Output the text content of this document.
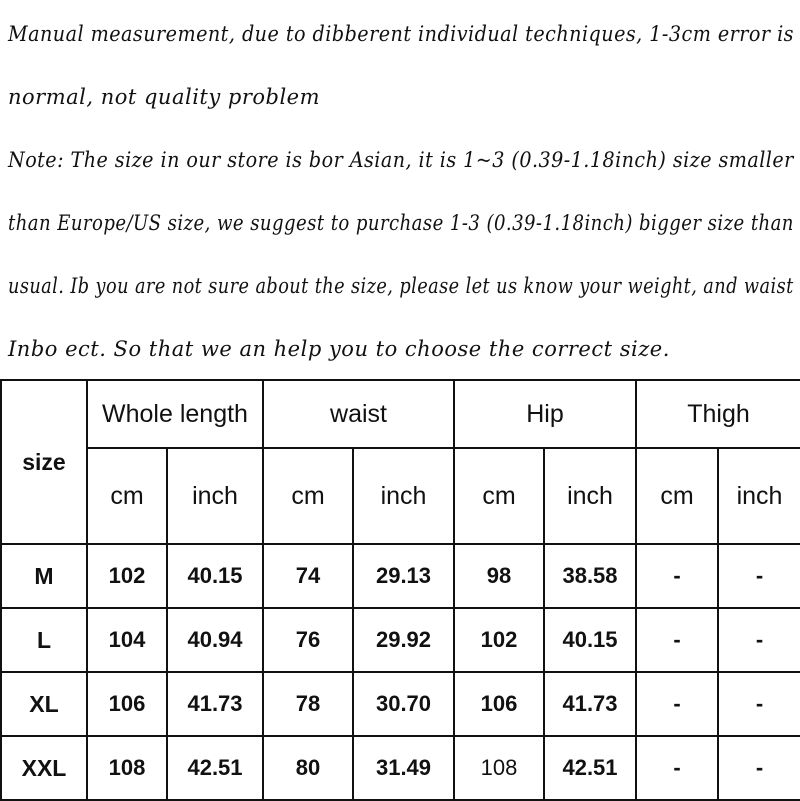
Manual measurement, due to dibberent individual techniques, 1-3cm error is
normal, not quality problem
Note: The size in our store is bor Asian, it is 1~3 (0.39-1.18inch) size smaller
than Europe/US size, we suggest to purchase 1-3 (0.39-1.18inch) bigger size than
usual. Ib you are not sure about the size, please let us know your weight, and waist
Inbo ect. So that we an help you to choose the correct size.
size	Whole length		waist		Hip		Thigh	
	cm	inch	cm	inch	cm	inch	cm	inch
M	102	40.15	74	29.13	98	38.58	-	-
L	104	40.94	76	29.92	102	40.15	-	-
XL	106	41.73	78	30.70	106	41.73	-	-
XXL	108	42.51	80	31.49	108	42.51	-	-
